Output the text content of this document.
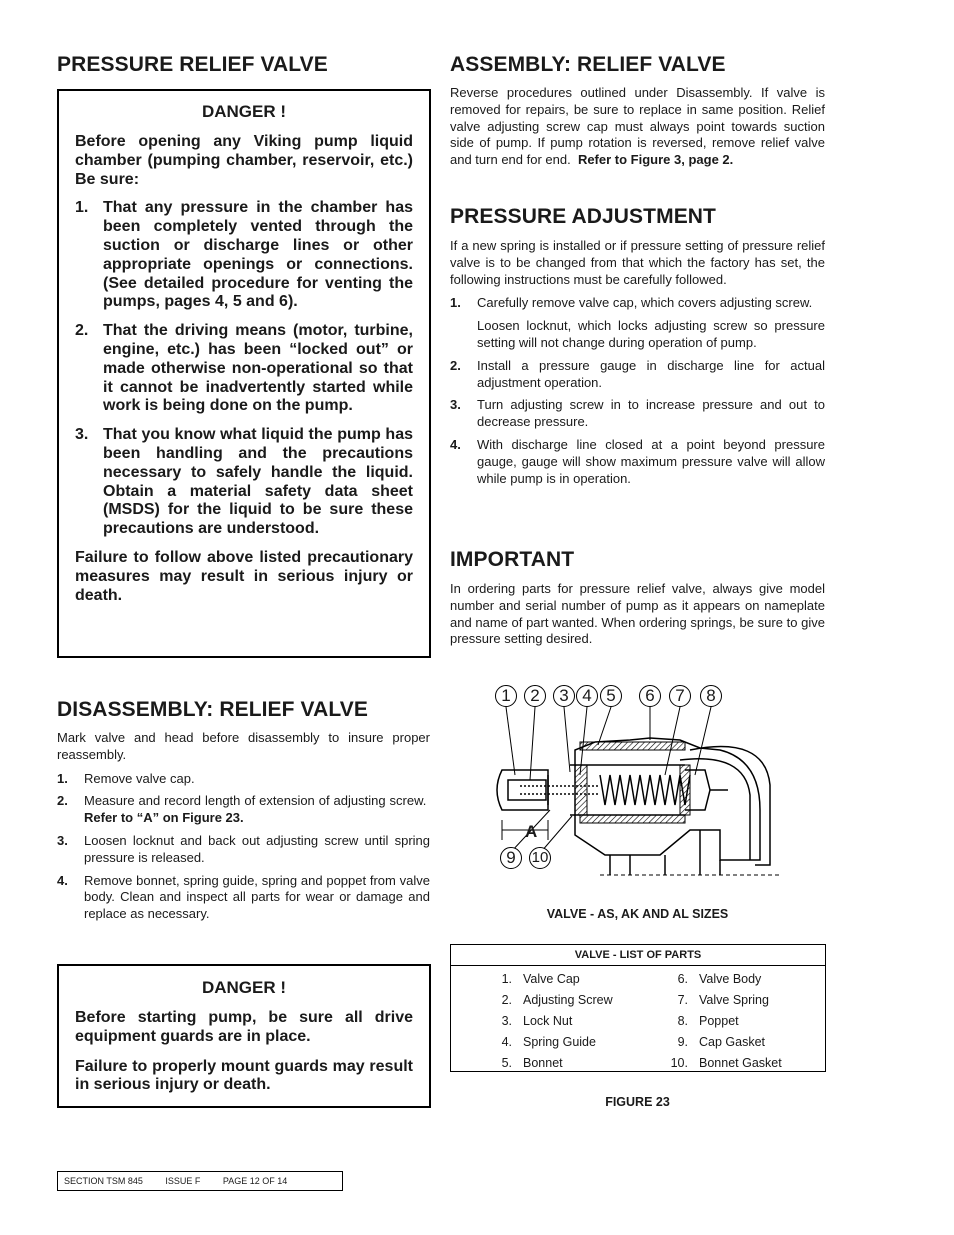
PRESSURE RELIEF VALVE
DANGER !

Before opening any Viking pump liquid chamber (pumping chamber, reservoir, etc.) Be sure:

1. That any pressure in the chamber has been completely vented through the suction or discharge lines or other appropriate openings or connections. (See detailed procedure for venting the pumps, pages 4, 5 and 6).
2. That the driving means (motor, turbine, engine, etc.) has been “locked out” or made otherwise non-operational so that it cannot be inadvertently started while work is being done on the pump.
3. That you know what liquid the pump has been handling and the precautions necessary to safely handle the liquid. Obtain a material safety data sheet (MSDS) for the liquid to be sure these precautions are understood.

Failure to follow above listed precautionary measures may result in serious injury or death.

DISASSEMBLY: RELIEF VALVE

Mark valve and head before disassembly to insure proper reassembly.

1. Remove valve cap.
2. Measure and record length of extension of adjusting screw.  Refer to “A” on Figure 23.
3. Loosen locknut and back out adjusting screw until spring pressure is released.
4. Remove bonnet, spring guide, spring and poppet from valve body. Clean and inspect all parts for wear or damage and replace as necessary.
DANGER !

Before starting pump, be sure all drive equipment guards are in place.

Failure to properly mount guards may result in serious injury or death.

ASSEMBLY: RELIEF VALVE

Reverse procedures outlined under Disassembly. If valve is removed for repairs, be sure to replace in same position. Relief valve adjusting screw cap must always point towards suction side of pump. If pump rotation is reversed, remove relief valve and turn end for end. Refer to Figure 3, page 2.

PRESSURE ADJUSTMENT

If a new spring is installed or if pressure setting of pressure relief valve is to be changed from that which the factory has set, the following instructions must be carefully followed.

1. Carefully remove valve cap, which covers adjusting screw.
Loosen locknut, which locks adjusting screw so pressure setting will not change during operation of pump.
2. Install a pressure gauge in discharge line for actual adjustment operation.
3. Turn adjusting screw in to increase pressure and out to decrease pressure.
4. With discharge line closed at a point beyond pressure gauge, gauge will show maximum pressure valve will allow while pump is in operation.
IMPORTANT

In ordering parts for pressure relief valve, always give model number and serial number of pump as it appears on nameplate and name of part wanted. When ordering springs, be sure to give pressure setting desired.

1	2	3 4 5	6	7	8
9	10
A
VALVE - AS, AK AND AL SIZES
VALVE - LIST OF PARTS
1.	Valve Cap	6.	Valve Body
2.	Adjusting Screw	7.	Valve Spring
3.	Lock Nut	8.	Poppet
4.	Spring Guide	9.	Cap Gasket
5.	Bonnet	10.	Bonnet Gasket
FIGURE 23
SECTION TSM 845	ISSUE F	PAGE 12 OF 14
